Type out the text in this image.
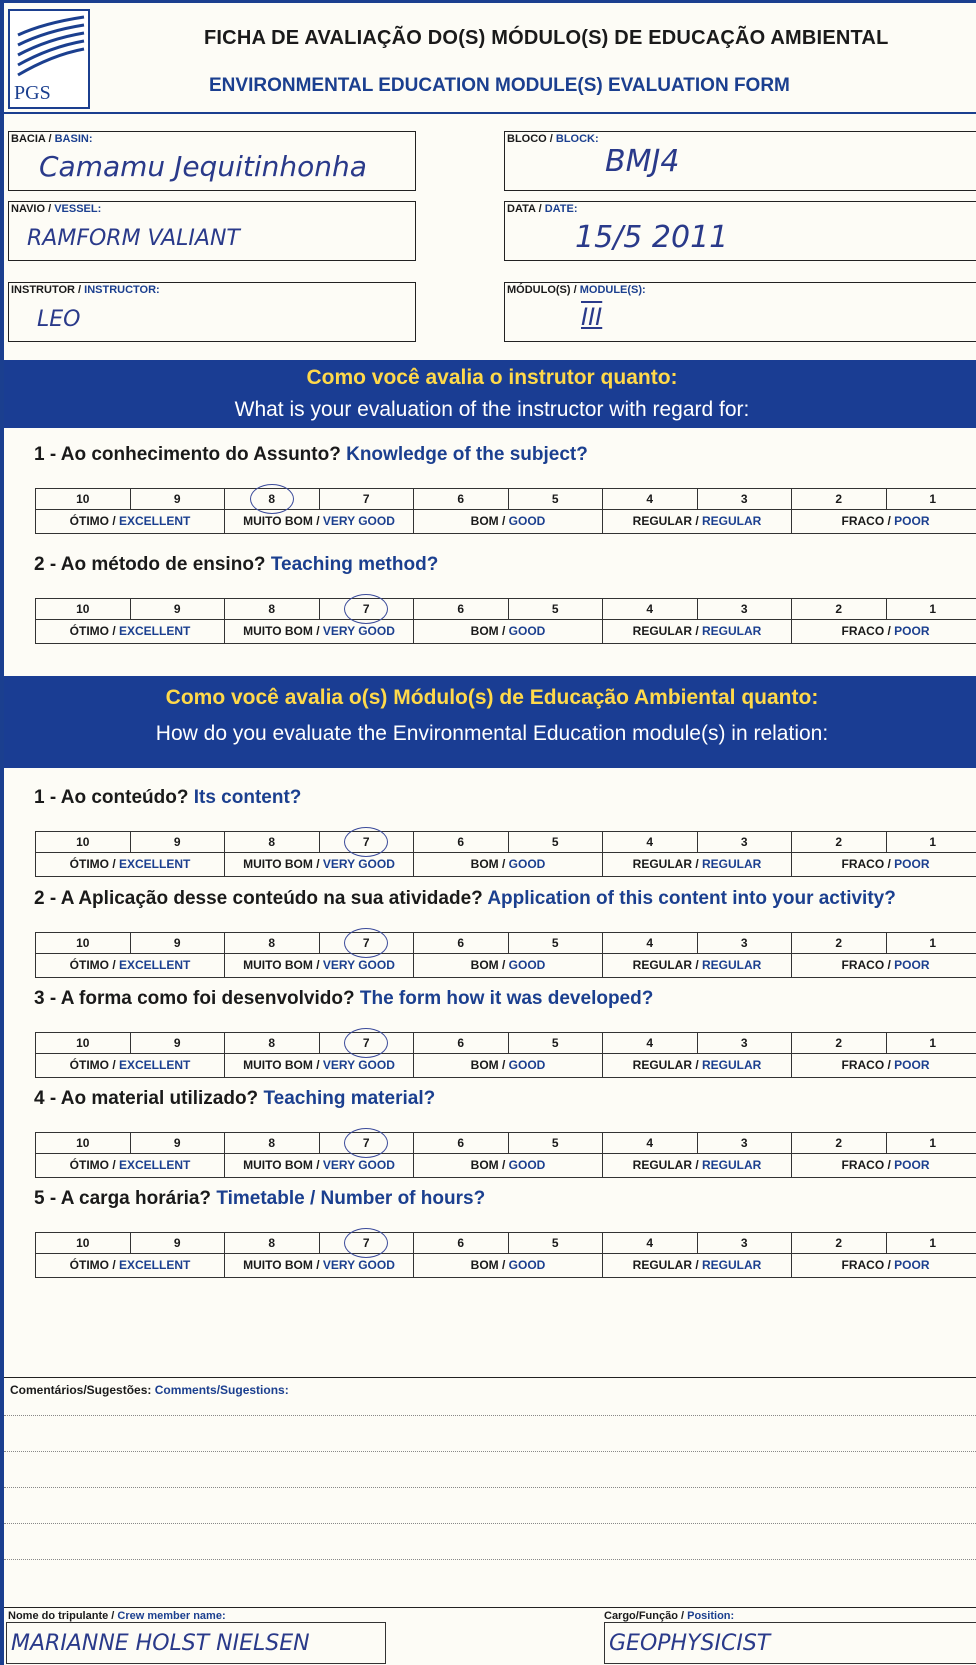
PGS
FICHA DE AVALIAÇÃO DO(S) MÓDULO(S) DE EDUCAÇÃO AMBIENTAL
ENVIRONMENTAL EDUCATION MODULE(S) EVALUATION FORM
BACIA / BASIN:
Camamu Jequitinhonha
BLOCO / BLOCK:
BMJ4
NAVIO / VESSEL:
RAMFORM VALIANT
DATA / DATE:
15/5 2011
INSTRUTOR / INSTRUCTOR:
LEO
MÓDULO(S) / MODULE(S):
III
Como você avalia o instrutor quanto:
What is your evaluation of the instructor with regard for:
1 - Ao conhecimento do Assunto? Knowledge of the subject?
10	9	8	7	6	5	4	3	2	1
ÓTIMO / EXCELLENT	MUITO BOM / VERY GOOD	BOM / GOOD	REGULAR / REGULAR	FRACO / POOR
2 - Ao método de ensino? Teaching method?
10	9	8	7	6	5	4	3	2	1
ÓTIMO / EXCELLENT	MUITO BOM / VERY GOOD	BOM / GOOD	REGULAR / REGULAR	FRACO / POOR
1 - Ao conteúdo? Its content?
10	9	8	7	6	5	4	3	2	1
ÓTIMO / EXCELLENT	MUITO BOM / VERY GOOD	BOM / GOOD	REGULAR / REGULAR	FRACO / POOR
2 - A Aplicação desse conteúdo na sua atividade? Application of this content into your activity?
10	9	8	7	6	5	4	3	2	1
ÓTIMO / EXCELLENT	MUITO BOM / VERY GOOD	BOM / GOOD	REGULAR / REGULAR	FRACO / POOR
3 - A forma como foi desenvolvido? The form how it was developed?
10	9	8	7	6	5	4	3	2	1
ÓTIMO / EXCELLENT	MUITO BOM / VERY GOOD	BOM / GOOD	REGULAR / REGULAR	FRACO / POOR
4 - Ao material utilizado? Teaching material?
10	9	8	7	6	5	4	3	2	1
ÓTIMO / EXCELLENT	MUITO BOM / VERY GOOD	BOM / GOOD	REGULAR / REGULAR	FRACO / POOR
5 - A carga horária? Timetable / Number of hours?
10	9	8	7	6	5	4	3	2	1
ÓTIMO / EXCELLENT	MUITO BOM / VERY GOOD	BOM / GOOD	REGULAR / REGULAR	FRACO / POOR
Como você avalia o(s) Módulo(s) de Educação Ambiental quanto:
How do you evaluate the Environmental Education module(s) in relation:
Comentários/Sugestões: Comments/Sugestions:
Nome do tripulante / Crew member name:
MARIANNE HOLST NIELSEN
Cargo/Função / Position:
GEOPHYSICIST
